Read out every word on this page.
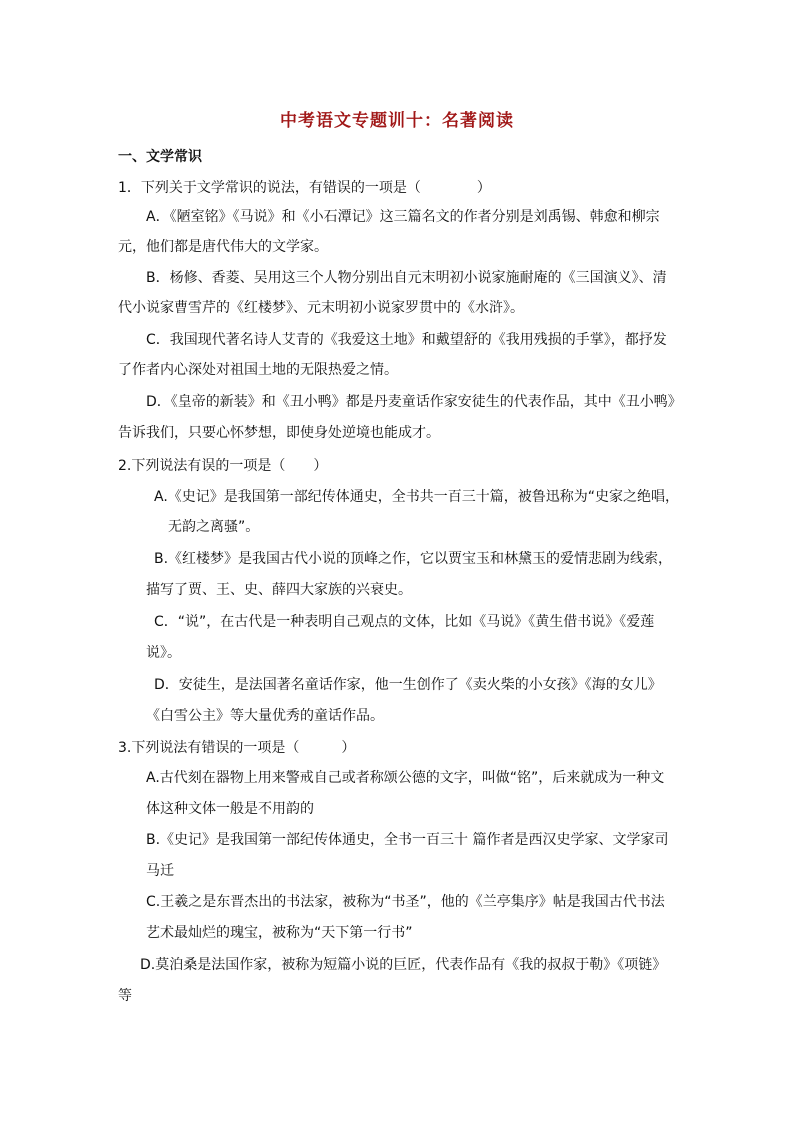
中考语文专题训十：名著阅读
一、文学常识
1．下列关于文学常识的说法，有错误的一项是（　　　　）
A．《陋室铭》《马说》和《小石潭记》这三篇名文的作者分别是刘禹锡、韩愈和柳宗
元，他们都是唐代伟大的文学家。
B．杨修、香菱、吴用这三个人物分别出自元末明初小说家施耐庵的《三国演义》、清
代小说家曹雪芹的《红楼梦》、元末明初小说家罗贯中的《水浒》。
C．我国现代著名诗人艾青的《我爱这土地》和戴望舒的《我用残损的手掌》，都抒发
了作者内心深处对祖国土地的无限热爱之情。
D．《皇帝的新装》和《丑小鸭》都是丹麦童话作家安徒生的代表作品，其中《丑小鸭》
告诉我们，只要心怀梦想，即使身处逆境也能成才。
2.下列说法有误的一项是（　　）
A.《史记》是我国第一部纪传体通史，全书共一百三十篇，被鲁迅称为“史家之绝唱，
无韵之离骚”。
B.《红楼梦》是我国古代小说的顶峰之作，它以贾宝玉和林黛玉的爱情悲剧为线索，
描写了贾、王、史、薛四大家族的兴衰史。
C．“说”，在古代是一种表明自己观点的文体，比如《马说》《黄生借书说》《爱莲
说》。
D．安徒生，是法国著名童话作家，他一生创作了《卖火柴的小女孩》《海的女儿》
《白雪公主》等大量优秀的童话作品。
3.下列说法有错误的一项是（　　　）
A.古代刻在器物上用来警戒自己或者称颂公德的文字，叫做“铭”，后来就成为一种文
体这种文体一般是不用韵的
B.《史记》是我国第一部纪传体通史，全书一百三十 篇作者是西汉史学家、文学家司
马迁
C.王羲之是东晋杰出的书法家，被称为“书圣”，他的《兰亭集序》帖是我国古代书法
艺术最灿烂的瑰宝，被称为“天下第一行书”
D.莫泊桑是法国作家，被称为短篇小说的巨匠，代表作品有《我的叔叔于勒》《项链》
等
